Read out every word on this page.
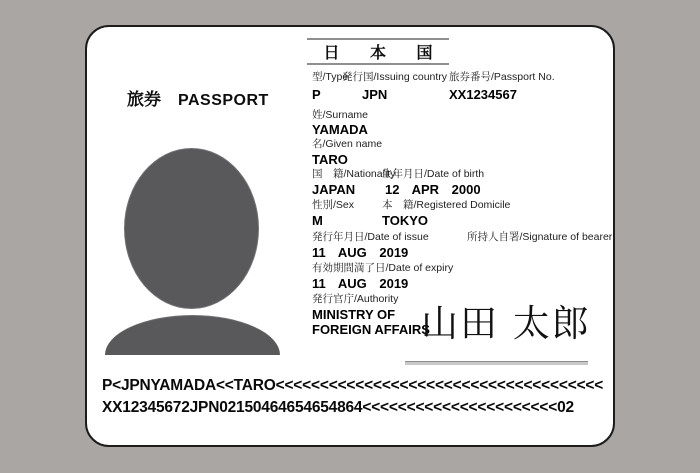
日 本 国
旅券 PASSPORT
型/Type
発行国/Issuing country 旅券番号/Passport No.
P	JPN	XX1234567
姓/Surname
YAMADA
名/Given name
TARO
国　籍/Nationality
生年月日/Date of birth
JAPAN 12 APR 2000
性別/Sex	本　籍/Registered Domicile
M	TOKYO
発行年月日/Date of issue	所持人自署/Signature of bearer
11 AUG 2019
有効期間満了日/Date of expiry
11 AUG 2019
発行官庁/Authority
MINISTRY OF
FOREIGN AFFAIRS
山田 太郎
P<JPNYAMADA<<TARO<<<<<<<<<<<<<<<<<<<<<<<<<<<<<<<<<<<<<
XX12345672JPN02150464654654864<<<<<<<<<<<<<<<<<<<<<<02
